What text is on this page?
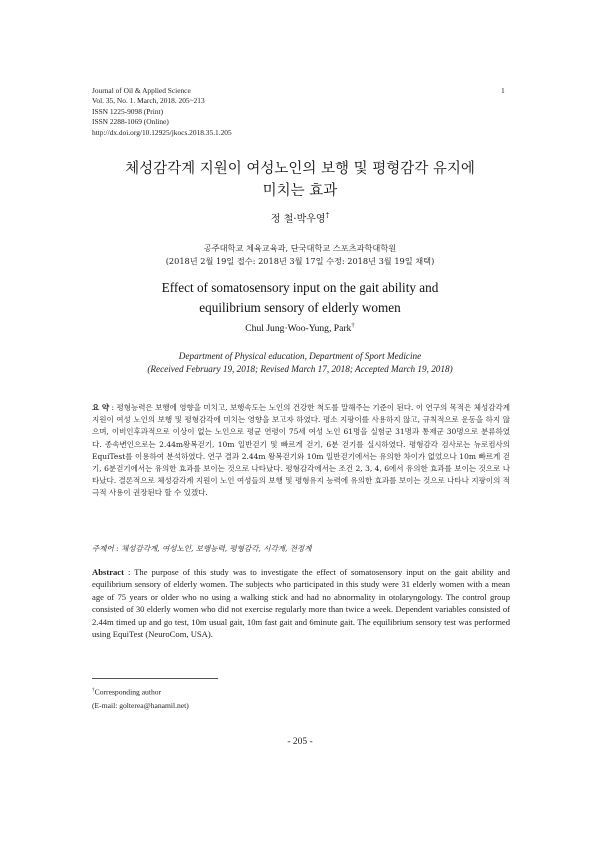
Journal of Oil & Applied Science
Vol. 35, No. 1. March, 2018. 205~213
ISSN 1225-9098 (Print)
ISSN 2288-1069 (Online)
http://dx.doi.org/10.12925/jkocs.2018.35.1.205
1
체성감각계 지원이 여성노인의 보행 및 평형감각 유지에
미치는 효과
정 철·박우영†
공주대학교 체육교육과, 단국대학교 스포츠과학대학원
(2018년 2월 19일 접수: 2018년 3월 17일 수정: 2018년 3월 19일 채택)
Effect of somatosensory input on the gait ability and
equilibrium sensory of elderly women
Chul Jung·Woo-Yung, Park†
Department of Physical education, Department of Sport Medicine
(Received February 19, 2018; Revised March 17, 2018; Accepted March 19, 2018)
요 약 : 평형능력은 보행에 영향을 미치고, 보행속도는 노인의 건강한 척도를 말해주는 기준이 된다. 이 연구의 목적은 체성감각계 지원이 여성 노인의 보행 및 평형감각에 미치는 영향을 보고자 하였다. 평소 지팡이를 사용하지 않고, 규칙적으로 운동을 하지 않으며, 이비인후과적으로 이상이 없는 노인으로 평균 연령이 75세 여성 노인 61명을 실험군 31명과 통제군 30명으로 분류하였다. 종속변인으로는 2.44m왕복걷기, 10m 일반걷기 및 빠르게 걷기, 6분 걷기를 실시하였다. 평형감각 검사로는 뉴로컴사의 EquiTest를 이용하여 분석하였다. 연구 결과 2.44m 왕복걷기와 10m 일반걷기에서는 유의한 차이가 없었으나 10m 빠르게 걷기, 6분걷기에서는 유의한 효과를 보이는 것으로 나타났다. 평형감각에서는 조건 2, 3, 4, 6에서 유의한 효과를 보이는 것으로 나타났다. 결론적으로 체성감각계 지원이 노인 여성들의 보행 및 평형유지 능력에 유의한 효과를 보이는 것으로 나타나 지팡이의 적극적 사용이 권장된다 할 수 있겠다.
주제어 : 체성감각계, 여성노인, 보행능력, 평형감각, 시각계, 전정계
Abstract : The purpose of this study was to investigate the effect of somatosensory input on the gait ability and equilibrium sensory of elderly women. The subjects who participated in this study were 31 elderly women with a mean age of 75 years or older who no using a walking stick and had no abnormality in otolaryngology. The control group consisted of 30 elderly women who did not exercise regularly more than twice a week. Dependent variables consisted of 2.44m timed up and go test, 10m usual gait, 10m fast gait and 6minute gait. The equilibrium sensory test was performed using EquiTest (NeuroCom, USA).
†Corresponding author
(E-mail: golterea@hanamil.net)
- 205 -
